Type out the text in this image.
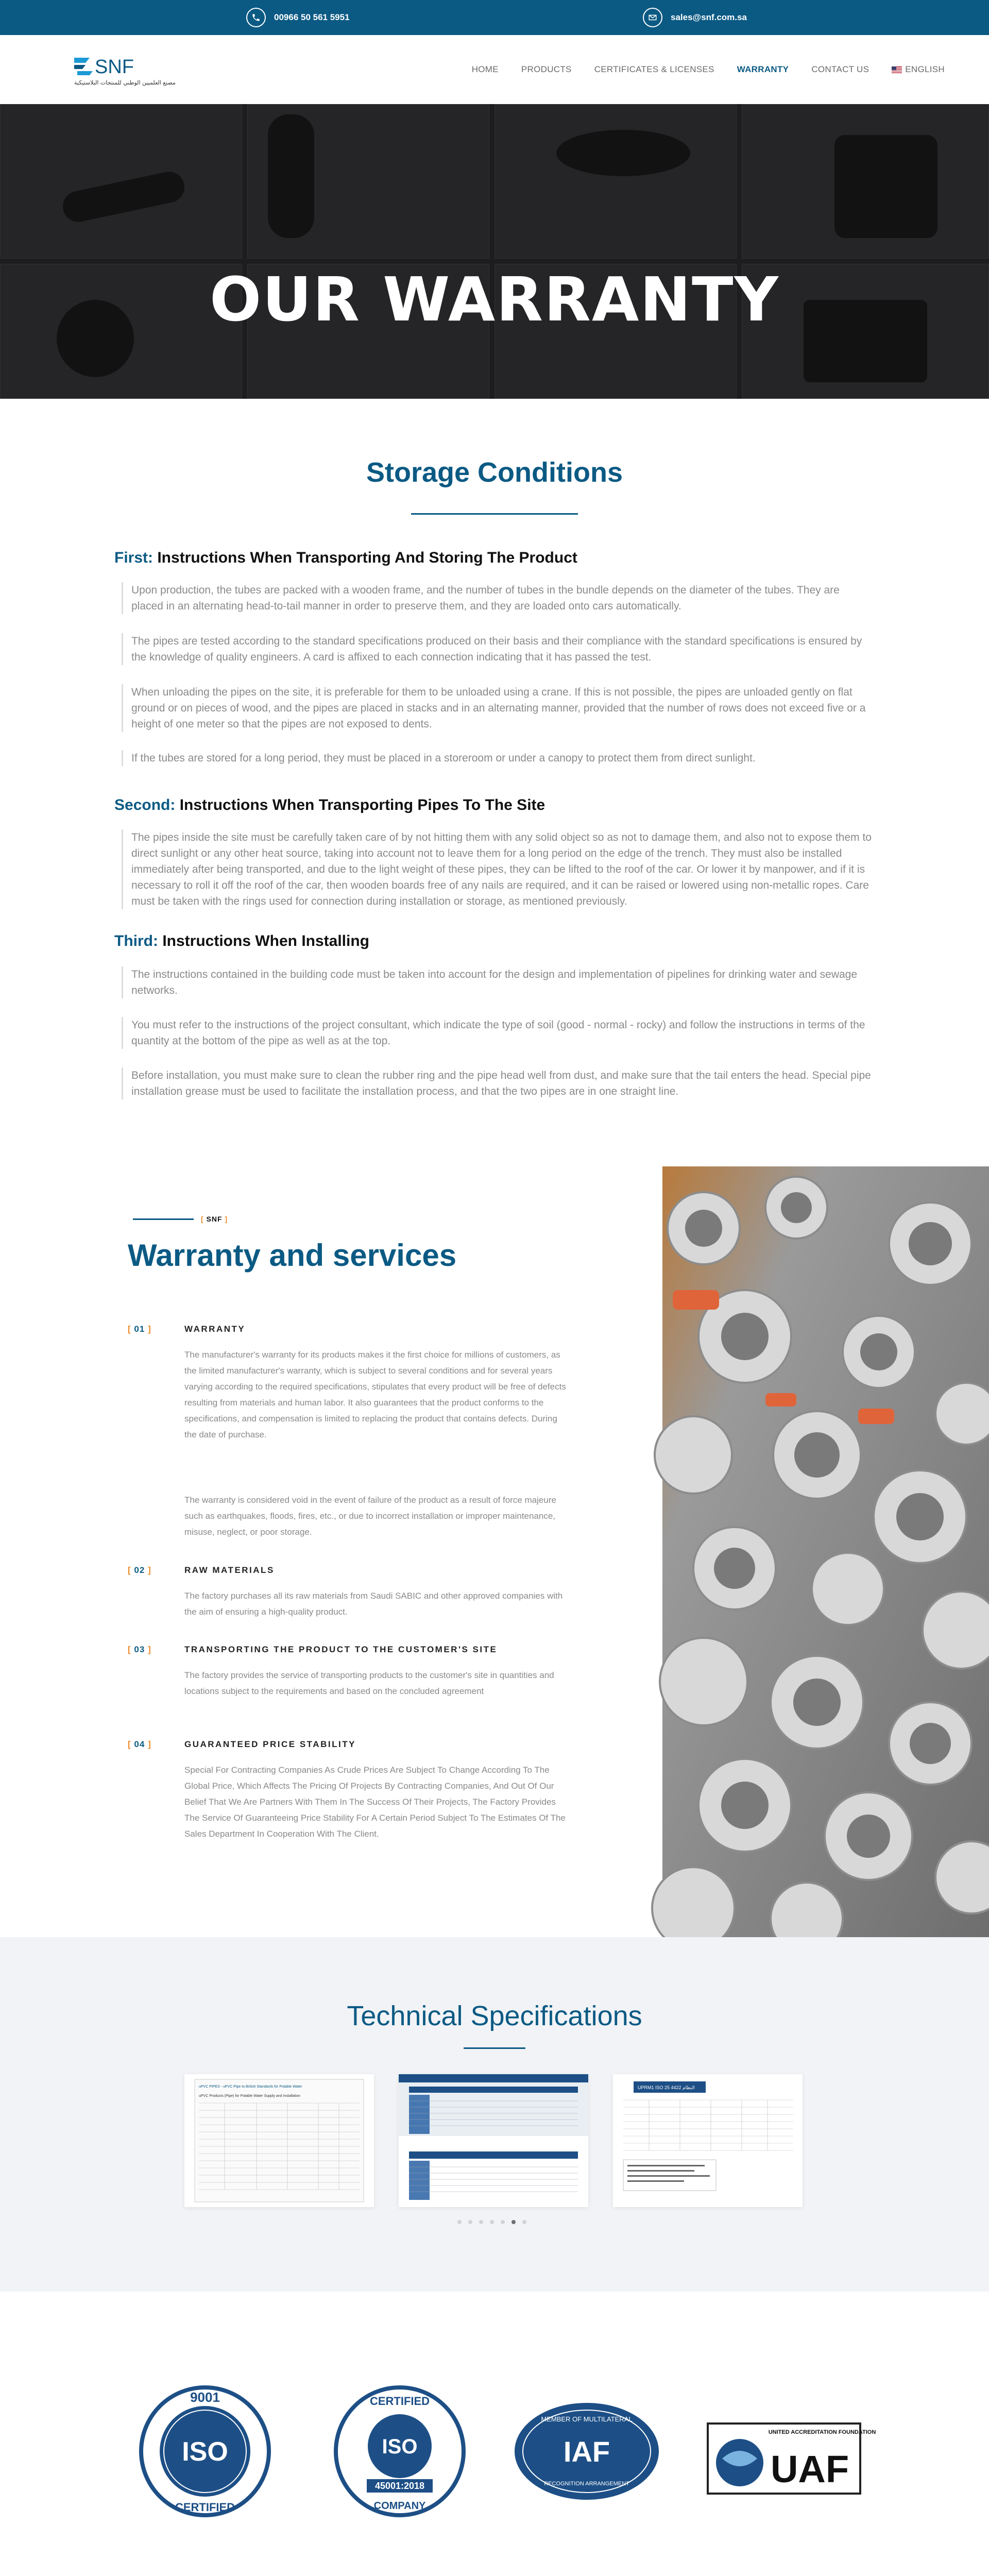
00966 50 561 5951	sales@snf.com.sa
SNF
مصنع العلميين الوطني للمنتجات البلاستيكية
HOME	PRODUCTS	CERTIFICATES & LICENSES	WARRANTY	CONTACT US	ENGLISH
OUR WARRANTY
Storage Conditions
First: Instructions When Transporting And Storing The Product
Upon production, the tubes are packed with a wooden frame, and the number of tubes in the bundle depends on the diameter of the tubes. They are placed in an alternating head-to-tail manner in order to preserve them, and they are loaded onto cars automatically.
The pipes are tested according to the standard specifications produced on their basis and their compliance with the standard specifications is ensured by the knowledge of quality engineers. A card is affixed to each connection indicating that it has passed the test.
When unloading the pipes on the site, it is preferable for them to be unloaded using a crane. If this is not possible, the pipes are unloaded gently on flat ground or on pieces of wood, and the pipes are placed in stacks and in an alternating manner, provided that the number of rows does not exceed five or a height of one meter so that the pipes are not exposed to dents.
If the tubes are stored for a long period, they must be placed in a storeroom or under a canopy to protect them from direct sunlight.
Second: Instructions When Transporting Pipes To The Site
The pipes inside the site must be carefully taken care of by not hitting them with any solid object so as not to damage them, and also not to expose them to direct sunlight or any other heat source, taking into account not to leave them for a long period on the edge of the trench. They must also be installed immediately after being transported, and due to the light weight of these pipes, they can be lifted to the roof of the car. Or lower it by manpower, and if it is necessary to roll it off the roof of the car, then wooden boards free of any nails are required, and it can be raised or lowered using non-metallic ropes. Care must be taken with the rings used for connection during installation or storage, as mentioned previously.
Third: Instructions When Installing
The instructions contained in the building code must be taken into account for the design and implementation of pipelines for drinking water and sewage networks.
You must refer to the instructions of the project consultant, which indicate the type of soil (good - normal - rocky) and follow the instructions in terms of the quantity at the bottom of the pipe as well as at the top.
Before installation, you must make sure to clean the rubber ring and the pipe head well from dust, and make sure that the tail enters the head. Special pipe installation grease must be used to facilitate the installation process, and that the two pipes are in one straight line.
[ SNF ]
Warranty and services
[ 01 ]	WARRANTY
The manufacturer's warranty for its products makes it the first choice for millions of customers, as the limited manufacturer's warranty, which is subject to several conditions and for several years varying according to the required specifications, stipulates that every product will be free of defects resulting from materials and human labor. It also guarantees that the product conforms to the specifications, and compensation is limited to replacing the product that contains defects. During the date of purchase.
The warranty is considered void in the event of failure of the product as a result of force majeure such as earthquakes, floods, fires, etc., or due to incorrect installation or improper maintenance, misuse, neglect, or poor storage.
[ 02 ]	RAW MATERIALS
The factory purchases all its raw materials from Saudi SABIC and other approved companies with the aim of ensuring a high-quality product.
[ 03 ]	TRANSPORTING THE PRODUCT TO THE CUSTOMER'S SITE
The factory provides the service of transporting products to the customer's site in quantities and locations subject to the requirements and based on the concluded agreement
[ 04 ]	GUARANTEED PRICE STABILITY
Special For Contracting Companies As Crude Prices Are Subject To Change According To The Global Price, Which Affects The Pricing Of Projects By Contracting Companies, And Out Of Our Belief That We Are Partners With Them In The Success Of Their Projects, The Factory Provides The Service Of Guaranteeing Price Stability For A Certain Period Subject To The Estimates Of The Sales Department In Cooperation With The Client.
Technical Specifications
uPVC PIPES - uPVC Pipe to British Standards for Potable Water
uPVC Products (Pipe) for Potable Water Supply and Installation
UPRM1 ISO 25 4422 النظام
9001
ISO
CERTIFIED
CERTIFIED
ISO
45001:2018
COMPANY
MEMBER OF MULTILATERAL
IAF
RECOGNITION ARRANGEMENT
UNITED ACCREDITATION FOUNDATION
UAF
